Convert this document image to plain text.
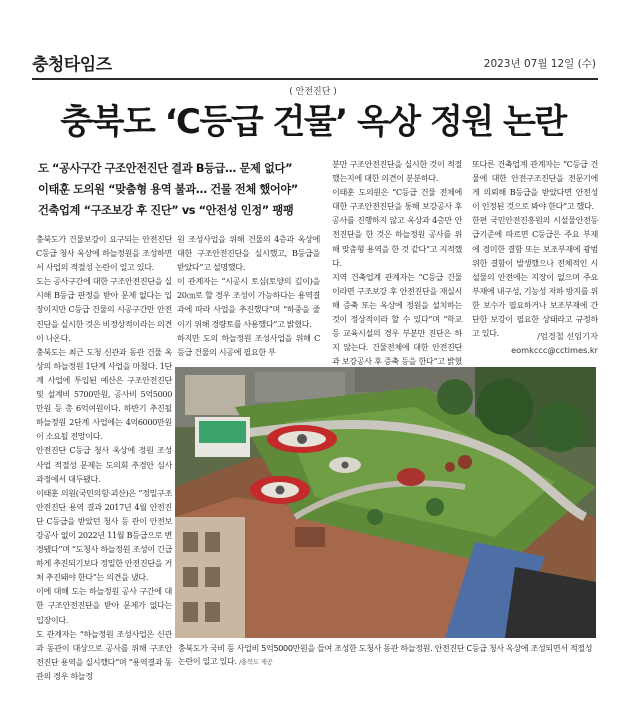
충청타임즈	2023년 07월 12일 (수)
( 안전진단 )
충북도 ‘C등급 건물’ 옥상 정원 논란
도 “공사구간 구조안전진단 결과 B등급… 문제 없다”
이태훈 도의원 “맞춤형 용역 불과… 건물 전체 했어야”
건축업계 “구조보강 후 진단” vs “안전성 인정” 팽팽

충북도가 건물보강이 요구되는 안전진단 C등급 청사 옥상에 하늘정원을 조성하면서 사업의 적절성 논란이 일고 있다.

도는 공사구간에 대한 구조안전진단을 실시해 B등급 판정을 받아 문제 없다는 입장이지만 C등급 건물의 시공구간만 안전진단을 실시한 것은 비정상적이라는 의견이 나온다.

충북도는 최근 도청 신관과 동관 건물 옥상의 하늘정원 1단계 사업을 마쳤다. 1단계 사업에 투입된 예산은 구조안전진단 및 설계비 5700만원, 공사비 5억5000만원 등 총 6억여원이다. 하반기 추진될 하늘정원 2단계 사업에는 4억6000만원이 소요될 전망이다.

안전진단 C등급 청사 옥상에 정원 조성사업 적절성 문제는 도의회 추경안 심사과정에서 대두됐다.

이태훈 의원(국민의힘·괴산)은 “정밀구조안전진단 용역 결과 2017년 4월 안전진단 C등급을 받았던 청사 등 관이 안전보강공사 없이 2022년 11월 B등급으로 변경됐다”며 “도청사 하늘정원 조성이 긴급하게 추진되기보다 정밀한 안전진단을 거쳐 추진돼야 한다”는 의견을 냈다.

이에 대해 도는 하늘정원 공사 구간에 대한 구조안전진단을 받아 문제가 없다는 입장이다.

도 관계자는 “하늘정원 조성사업은 신관과 동관이 대상으로 공사를 위해 구조안전진단 용역을 실시했다”며 “용역결과 동관의 경우 하늘정

원 조성사업을 위해 건물의 4층과 옥상에 대한 구조안전진단을 실시했고, B등급을 받았다”고 설명했다.

이 관계자는 “시공시 토심(토양의 깊이)을 20㎝로 할 경우 조성이 가능하다는 용역결과에 따라 사업을 추진했다”며 “하중을 줄이기 위해 경량토를 사용했다”고 밝혔다.

하지만 도의 하늘정원 조성사업을 위해 C등급 건물의 시공에 필요한 부

분만 구조안전진단을 실시한 것이 적절했는지에 대한 의견이 분분하다.

이태훈 도의원은 “C등급 건물 전체에 대한 구조안전진단을 통해 보강공사 후 공사를 진행하지 않고 옥상과 4층만 안전진단을 한 것은 하늘정원 공사를 위해 맞춤형 용역을 한 것 같다”고 지적했다.

지역 건축업계 관계자는 “C등급 건물이라면 구조보강 후 안전진단을 재실시해 증축 또는 옥상에 정원을 설치하는 것이 정상적이라 할 수 있다”며 “학교 등 교육시설의 경우 부분만 진단은 하지 않는다. 건물전체에 대한 안전진단과 보강공사 후 증축 등을 한다”고 밝혔

또다른 건축업계 관계자는 “C등급 건물에 대한 안전구조진단을 전문기에게 의뢰해 B등급을 받았다면 안전성이 인정된 것으로 봐야 한다”고 했다.

한편 국민안전진흥원의 시설물안전등급기준에 따르면 C등급은 주요 부재에 경미한 결함 또는 보조부재에 광범위한 결함이 발생했으나 전체적인 시설물의 안전에는 지장이 없으며 주요부재에 내구성, 기능성 저하 방지를 위한 보수가 필요하거나 보조부재에 간단한 보강이 필요한 상태라고 규정하고 있다.	/엄경철 선임기자
eomkccc@cctimes.kr
충북도가 국비 등 사업비 5억5000만원을 들여 조성한 도청사 동관 하늘정원. 안전진단 C등급 청사 옥상에 조성되면서 적절성 논란이 일고 있다. /충북도 제공
